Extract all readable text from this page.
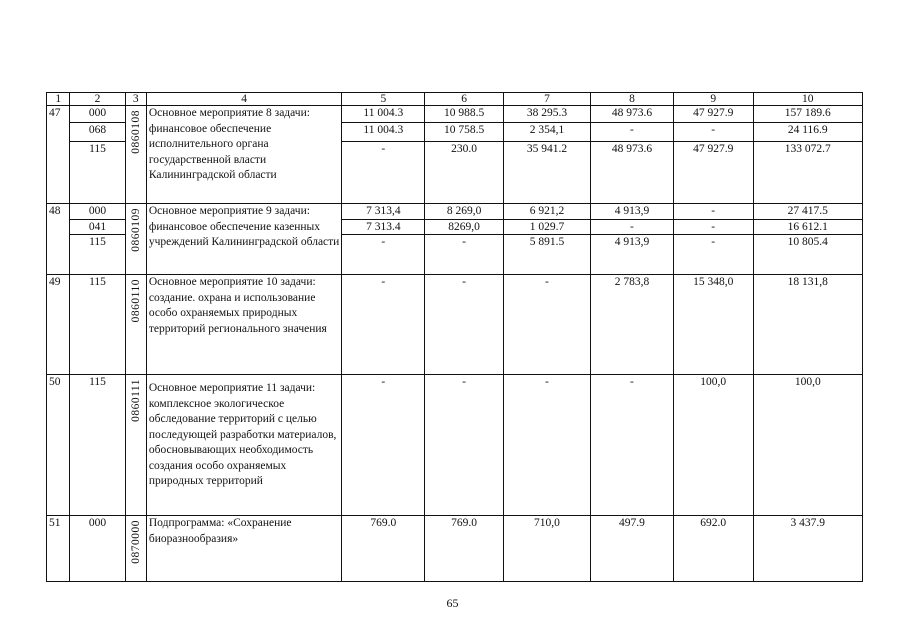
1	2	3	4	5	6	7	8	9	10
47	000	0860108	Основное мероприятие 8 задачи: финансовое обеспечение исполнительного органа государственной власти Калининградской области	11 004.3	10 988.5	38 295.3	48 973.6	47 927.9	157 189.6
	068			11 004.3	10 758.5	2 354,1	-	-	24 116.9
	115			-	230.0	35 941.2	48 973.6	47 927.9	133 072.7
48	000	0860109	Основное мероприятие 9 задачи: финансовое обеспечение казенных учреждений Калининградской области	7 313,4	8 269,0	6 921,2	4 913,9	-	27 417.5
	041			7 313.4	8269,0	1 029.7	-	-	16 612.1
	115			-	-	5 891.5	4 913,9	-	10 805.4
49	115	0860110	Основное мероприятие 10 задачи: создание. охрана и использование особо охраняемых природных территорий регионального значения	-	-	-	2 783,8	15 348,0	18 131,8
50	115	0860111	Основное мероприятие 11 задачи: комплексное экологическое обследование территорий с целью последующей разработки материалов, обосновывающих необходимость создания особо охраняемых природных территорий	-	-	-	-	100,0	100,0
51	000	0870000	Подпрограмма: «Сохранение биоразнообразия»	769.0	769.0	710,0	497.9	692.0	3 437.9
65
